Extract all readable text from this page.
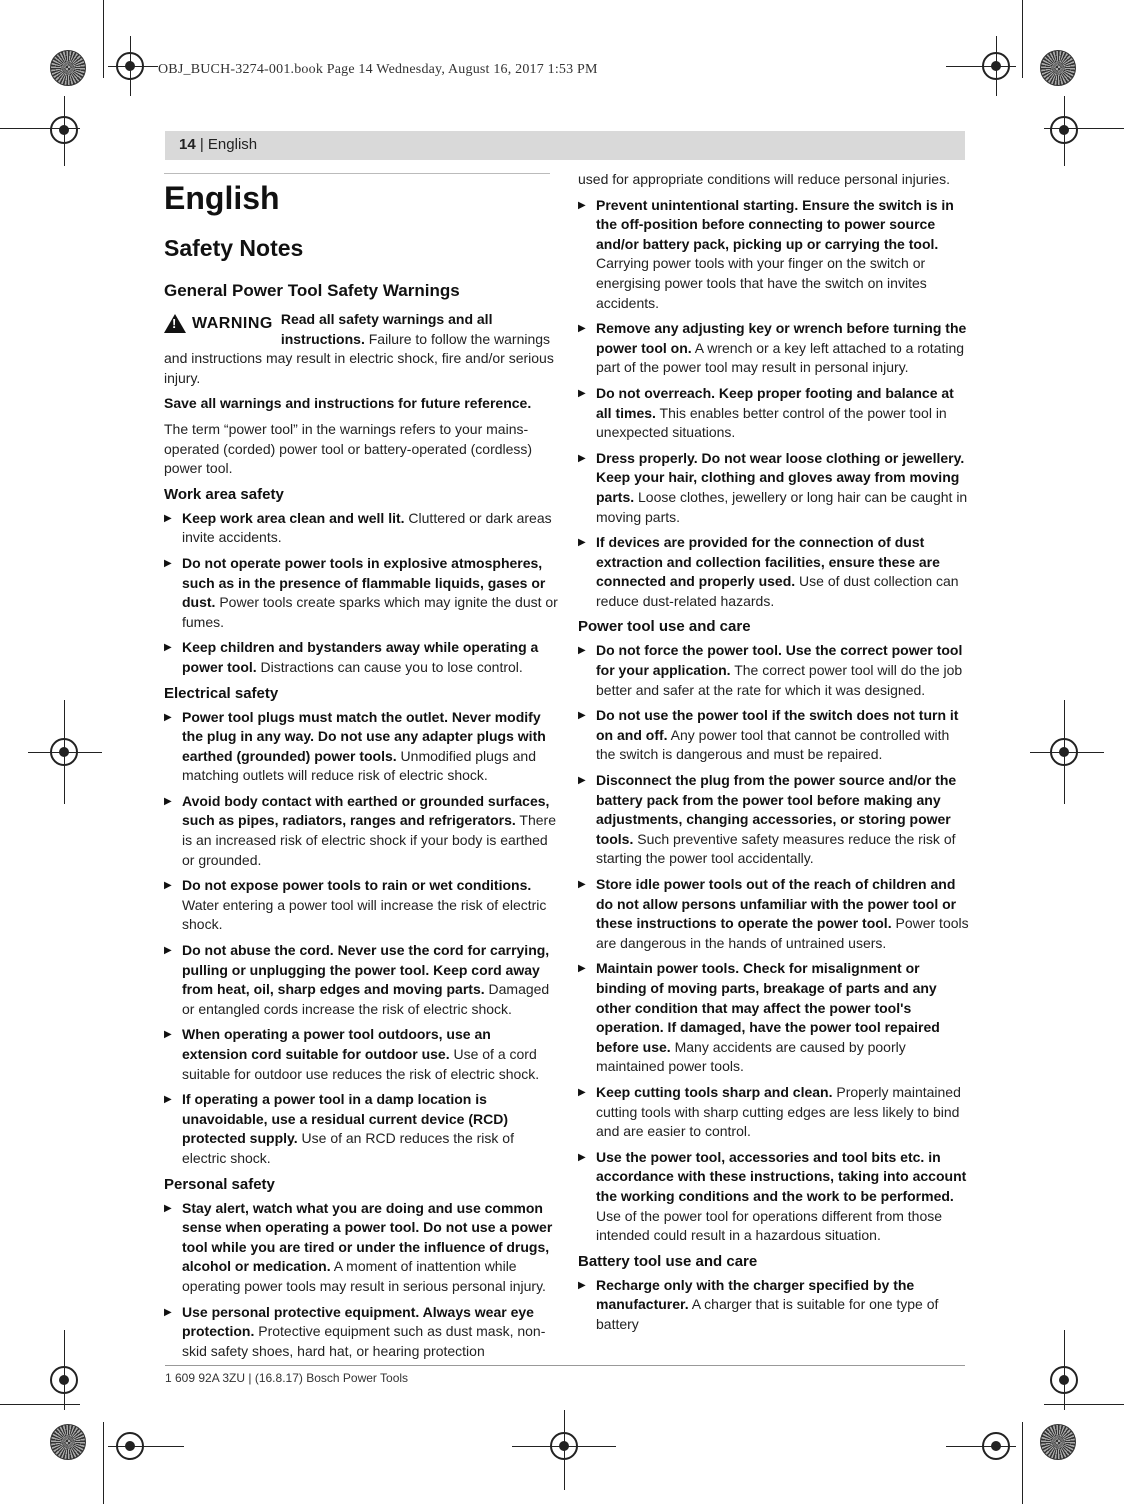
OBJ_BUCH-3274-001.book Page 14 Wednesday, August 16, 2017 1:53 PM
14 | English
English
Safety Notes
General Power Tool Safety Warnings

! WARNING Read all safety warnings and all instructions. Failure to follow the warnings and instructions may result in electric shock, fire and/or serious injury.

Save all warnings and instructions for future reference.

The term “power tool” in the warnings refers to your mains-operated (corded) power tool or battery-operated (cordless) power tool.

Work area safety
▶ Keep work area clean and well lit. Cluttered or dark areas invite accidents.
▶ Do not operate power tools in explosive atmospheres, such as in the presence of flammable liquids, gases or dust. Power tools create sparks which may ignite the dust or fumes.
▶ Keep children and bystanders away while operating a power tool. Distractions can cause you to lose control.
Electrical safety
▶ Power tool plugs must match the outlet. Never modify the plug in any way. Do not use any adapter plugs with earthed (grounded) power tools. Unmodified plugs and matching outlets will reduce risk of electric shock.
▶ Avoid body contact with earthed or grounded surfaces, such as pipes, radiators, ranges and refrigerators. There is an increased risk of electric shock if your body is earthed or grounded.
▶ Do not expose power tools to rain or wet conditions. Water entering a power tool will increase the risk of electric shock.
▶ Do not abuse the cord. Never use the cord for carrying, pulling or unplugging the power tool. Keep cord away from heat, oil, sharp edges and moving parts. Damaged or entangled cords increase the risk of electric shock.
▶ When operating a power tool outdoors, use an extension cord suitable for outdoor use. Use of a cord suitable for outdoor use reduces the risk of electric shock.
▶ If operating a power tool in a damp location is unavoidable, use a residual current device (RCD) protected supply. Use of an RCD reduces the risk of electric shock.
Personal safety
▶ Stay alert, watch what you are doing and use common sense when operating a power tool. Do not use a power tool while you are tired or under the influence of drugs, alcohol or medication. A moment of inattention while operating power tools may result in serious personal injury.
▶ Use personal protective equipment. Always wear eye protection. Protective equipment such as dust mask, non-skid safety shoes, hard hat, or hearing protection

used for appropriate conditions will reduce personal injuries.

▶ Prevent unintentional starting. Ensure the switch is in the off-position before connecting to power source and/or battery pack, picking up or carrying the tool. Carrying power tools with your finger on the switch or energising power tools that have the switch on invites accidents.
▶ Remove any adjusting key or wrench before turning the power tool on. A wrench or a key left attached to a rotating part of the power tool may result in personal injury.
▶ Do not overreach. Keep proper footing and balance at all times. This enables better control of the power tool in unexpected situations.
▶ Dress properly. Do not wear loose clothing or jewellery. Keep your hair, clothing and gloves away from moving parts. Loose clothes, jewellery or long hair can be caught in moving parts.
▶ If devices are provided for the connection of dust extraction and collection facilities, ensure these are connected and properly used. Use of dust collection can reduce dust-related hazards.
Power tool use and care
▶ Do not force the power tool. Use the correct power tool for your application. The correct power tool will do the job better and safer at the rate for which it was designed.
▶ Do not use the power tool if the switch does not turn it on and off. Any power tool that cannot be controlled with the switch is dangerous and must be repaired.
▶ Disconnect the plug from the power source and/or the battery pack from the power tool before making any adjustments, changing accessories, or storing power tools. Such preventive safety measures reduce the risk of starting the power tool accidentally.
▶ Store idle power tools out of the reach of children and do not allow persons unfamiliar with the power tool or these instructions to operate the power tool. Power tools are dangerous in the hands of untrained users.
▶ Maintain power tools. Check for misalignment or binding of moving parts, breakage of parts and any other condition that may affect the power tool's operation. If damaged, have the power tool repaired before use. Many accidents are caused by poorly maintained power tools.
▶ Keep cutting tools sharp and clean. Properly maintained cutting tools with sharp cutting edges are less likely to bind and are easier to control.
▶ Use the power tool, accessories and tool bits etc. in accordance with these instructions, taking into account the working conditions and the work to be performed. Use of the power tool for operations different from those intended could result in a hazardous situation.
Battery tool use and care
▶ Recharge only with the charger specified by the manufacturer. A charger that is suitable for one type of battery
1 609 92A 3ZU | (16.8.17) Bosch Power Tools
